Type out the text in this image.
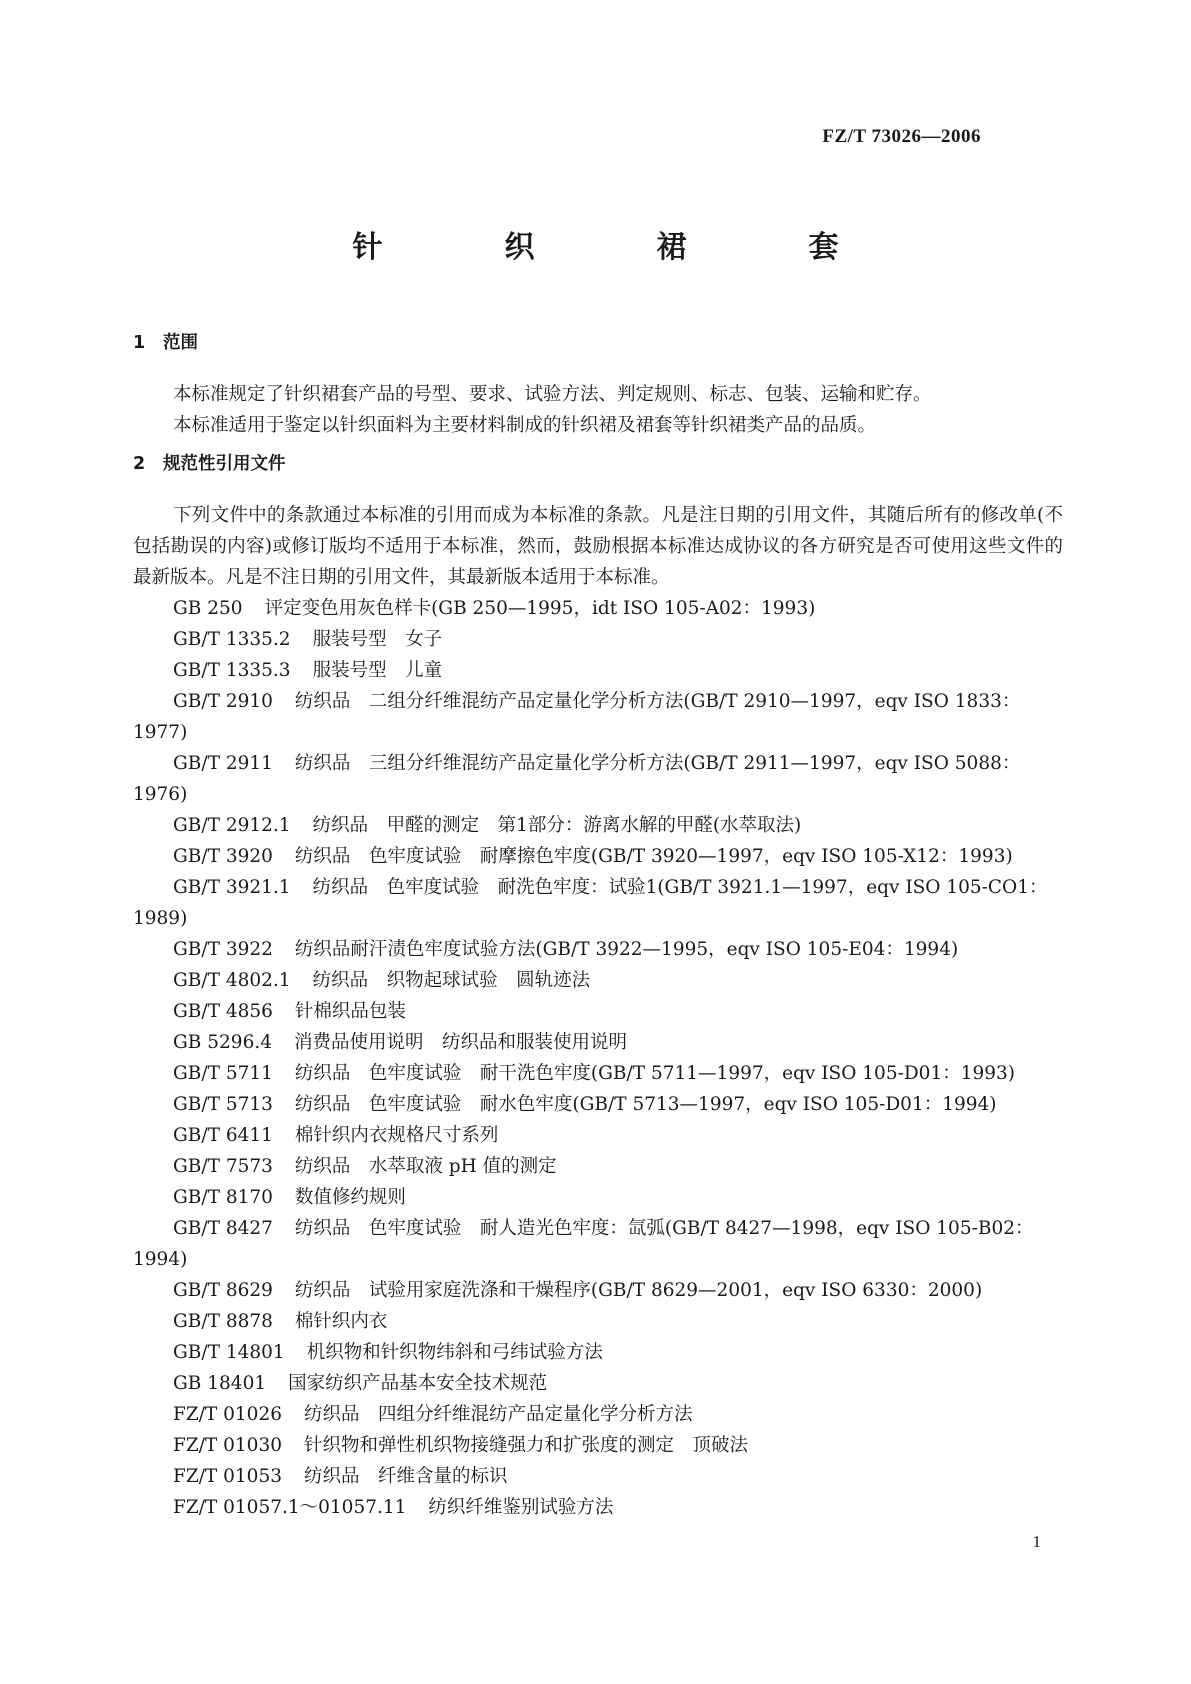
FZ/T 73026—2006
针　织　裙　套
1 范围

本标准规定了针织裙套产品的号型、要求、试验方法、判定规则、标志、包装、运输和贮存。

本标准适用于鉴定以针织面料为主要材料制成的针织裙及裙套等针织裙类产品的品质。

2 规范性引用文件

下列文件中的条款通过本标准的引用而成为本标准的条款。凡是注日期的引用文件，其随后所有的修改单(不包括勘误的内容)或修订版均不适用于本标准，然而，鼓励根据本标准达成协议的各方研究是否可使用这些文件的最新版本。凡是不注日期的引用文件，其最新版本适用于本标准。

GB 250 评定变色用灰色样卡(GB 250—1995，idt ISO 105-A02：1993)

GB/T 1335.2 服装号型　女子

GB/T 1335.3 服装号型　儿童

GB/T 2910 纺织品　二组分纤维混纺产品定量化学分析方法(GB/T 2910—1997，eqv ISO 1833：1977)

GB/T 2911 纺织品　三组分纤维混纺产品定量化学分析方法(GB/T 2911—1997，eqv ISO 5088：1976)

GB/T 2912.1 纺织品　甲醛的测定　第1部分：游离水解的甲醛(水萃取法)

GB/T 3920 纺织品　色牢度试验　耐摩擦色牢度(GB/T 3920—1997，eqv ISO 105-X12：1993)

GB/T 3921.1 纺织品　色牢度试验　耐洗色牢度：试验1(GB/T 3921.1—1997，eqv ISO 105-CO1：1989)

GB/T 3922 纺织品耐汗渍色牢度试验方法(GB/T 3922—1995，eqv ISO 105-E04：1994)

GB/T 4802.1 纺织品　织物起球试验　圆轨迹法

GB/T 4856 针棉织品包装

GB 5296.4 消费品使用说明　纺织品和服装使用说明

GB/T 5711 纺织品　色牢度试验　耐干洗色牢度(GB/T 5711—1997，eqv ISO 105-D01：1993)

GB/T 5713 纺织品　色牢度试验　耐水色牢度(GB/T 5713—1997，eqv ISO 105-D01：1994)

GB/T 6411 棉针织内衣规格尺寸系列

GB/T 7573 纺织品　水萃取液 pH 值的测定

GB/T 8170 数值修约规则

GB/T 8427 纺织品　色牢度试验　耐人造光色牢度：氙弧(GB/T 8427—1998，eqv ISO 105-B02：1994)

GB/T 8629 纺织品　试验用家庭洗涤和干燥程序(GB/T 8629—2001，eqv ISO 6330：2000)

GB/T 8878 棉针织内衣

GB/T 14801 机织物和针织物纬斜和弓纬试验方法

GB 18401 国家纺织产品基本安全技术规范

FZ/T 01026 纺织品　四组分纤维混纺产品定量化学分析方法

FZ/T 01030 针织物和弹性机织物接缝强力和扩张度的测定　顶破法

FZ/T 01053 纺织品　纤维含量的标识

FZ/T 01057.1～01057.11 纺织纤维鉴别试验方法

1
